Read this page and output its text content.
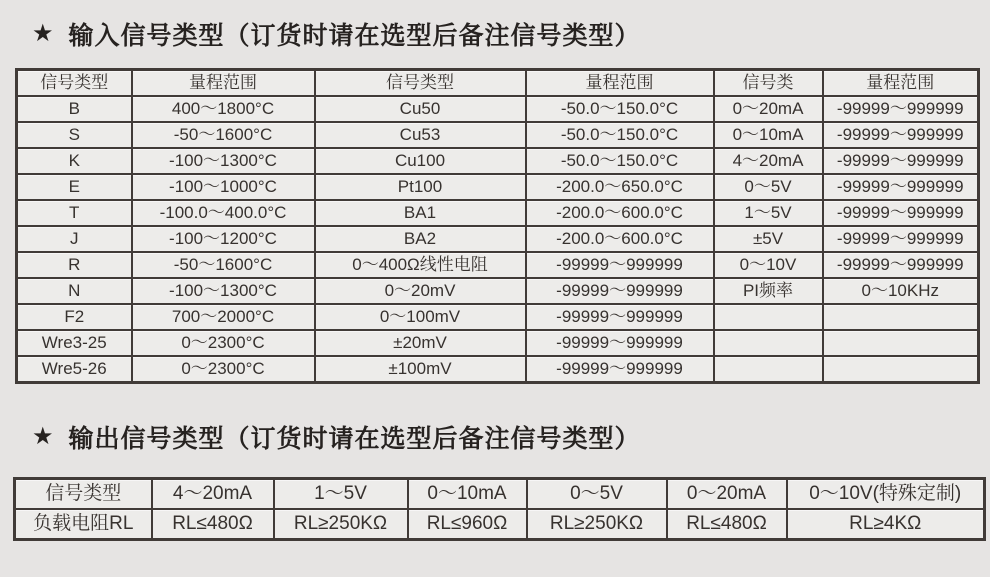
★ 输入信号类型（订货时请在选型后备注信号类型）
信号类型	量程范围	信号类型	量程范围	信号类	量程范围
B	400～1800°C	Cu50	-50.0～150.0°C	0～20mA	-99999～999999
S	-50～1600°C	Cu53	-50.0～150.0°C	0～10mA	-99999～999999
K	-100～1300°C	Cu100	-50.0～150.0°C	4～20mA	-99999～999999
E	-100～1000°C	Pt100	-200.0～650.0°C	0～5V	-99999～999999
T	-100.0～400.0°C	BA1	-200.0～600.0°C	1～5V	-99999～999999
J	-100～1200°C	BA2	-200.0～600.0°C	±5V	-99999～999999
R	-50～1600°C	0～400Ω线性电阻	-99999～999999	0～10V	-99999～999999
N	-100～1300°C	0～20mV	-99999～999999	PI频率	0～10KHz
F2	700～2000°C	0～100mV	-99999～999999		
Wre3-25	0～2300°C	±20mV	-99999～999999		
Wre5-26	0～2300°C	±100mV	-99999～999999		
★ 输出信号类型（订货时请在选型后备注信号类型）
信号类型	4～20mA	1～5V	0～10mA	0～5V	0～20mA	0～10V(特殊定制)
负载电阻RL	RL≤480Ω	RL≥250KΩ	RL≤960Ω	RL≥250KΩ	RL≤480Ω	RL≥4KΩ
